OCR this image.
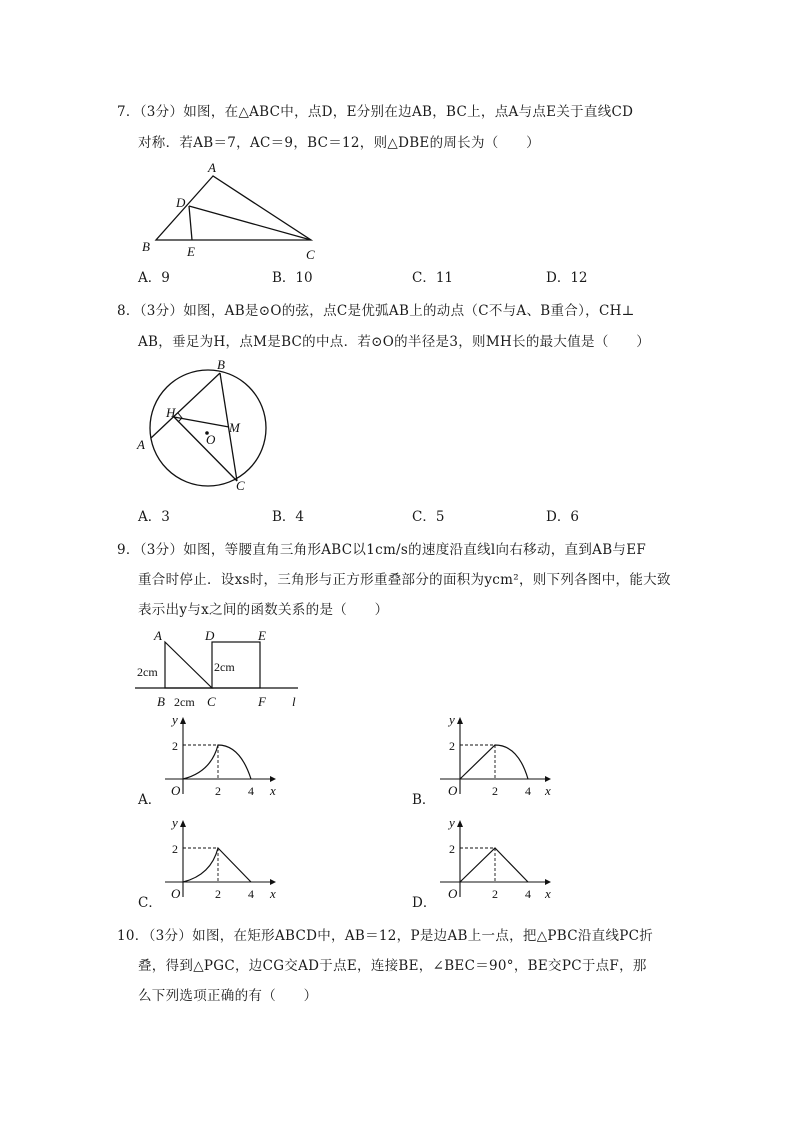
7．（3分）如图，在△ABC中，点D，E分别在边AB，BC上，点A与点E关于直线CD
对称．若AB＝7，AC＝9，BC＝12，则△DBE的周长为（　　）
A
D
B	E	C
A．9	B．10	C．11	D．12
8．（3分）如图，AB是⊙O的弦，点C是优弧AB上的动点（C不与A、B重合），CH⊥
AB，垂足为H，点M是BC的中点．若⊙O的半径是3，则MH长的最大值是（　　）
B
H
M
O
A
C
A．3	B．4	C．5	D．6
9．（3分）如图，等腰直角三角形ABC以1cm/s的速度沿直线l向右移动，直到AB与EF
重合时停止．设xs时，三角形与正方形重叠部分的面积为ycm²，则下列各图中，能大致
表示出y与x之间的函数关系的是（　　）
A	D	E
2cm	2cm
B 2cm C	F l
A．
y
2
O	2 4 x
B．
y
2
O	2 4 x
C．
y
2
O	2 4 x
D．
y
2
O	2 4 x
10．（3分）如图，在矩形ABCD中，AB＝12，P是边AB上一点，把△PBC沿直线PC折
叠，得到△PGC，边CG交AD于点E，连接BE，∠BEC＝90°，BE交PC于点F，那
么下列选项正确的有（　　）
